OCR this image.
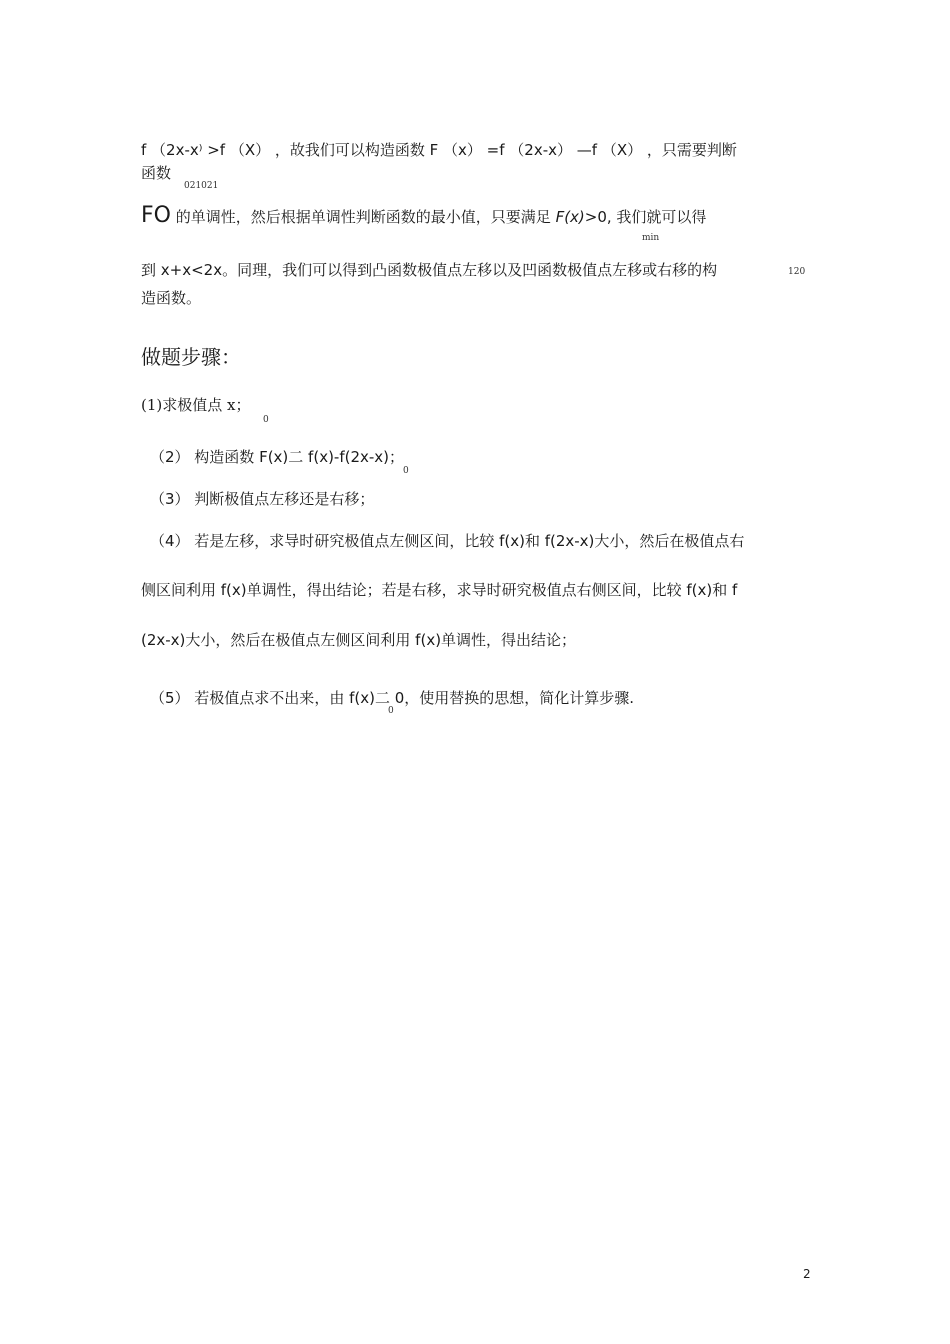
f （2x-x⁾ >f （X） ，故我们可以构造函数 F （x） =f （2x-x） —f （X） ，只需要判断
函数
021021
FO 的单调性，然后根据单调性判断函数的最小值，只要满足 F(x)>0, 我们就可以得
min
到 x+x<2x。同理，我们可以得到凸函数极值点左移以及凹函数极值点左移或右移的构	120
造函数。
做题步骤：
(1)求极值点 x；
0
（2） 构造函数 F(x)二 f(x)-f(2x-x)；
0
（3） 判断极值点左移还是右移；
（4） 若是左移，求导时研究极值点左侧区间，比较 f(x)和 f(2x-x)大小，然后在极值点右
侧区间利用 f(x)单调性，得出结论；若是右移，求导时研究极值点右侧区间，比较 f(x)和 f
(2x-x)大小，然后在极值点左侧区间利用 f(x)单调性，得出结论；
（5） 若极值点求不出来，由 f(x)二 0，使用替换的思想，简化计算步骤.
0
2
